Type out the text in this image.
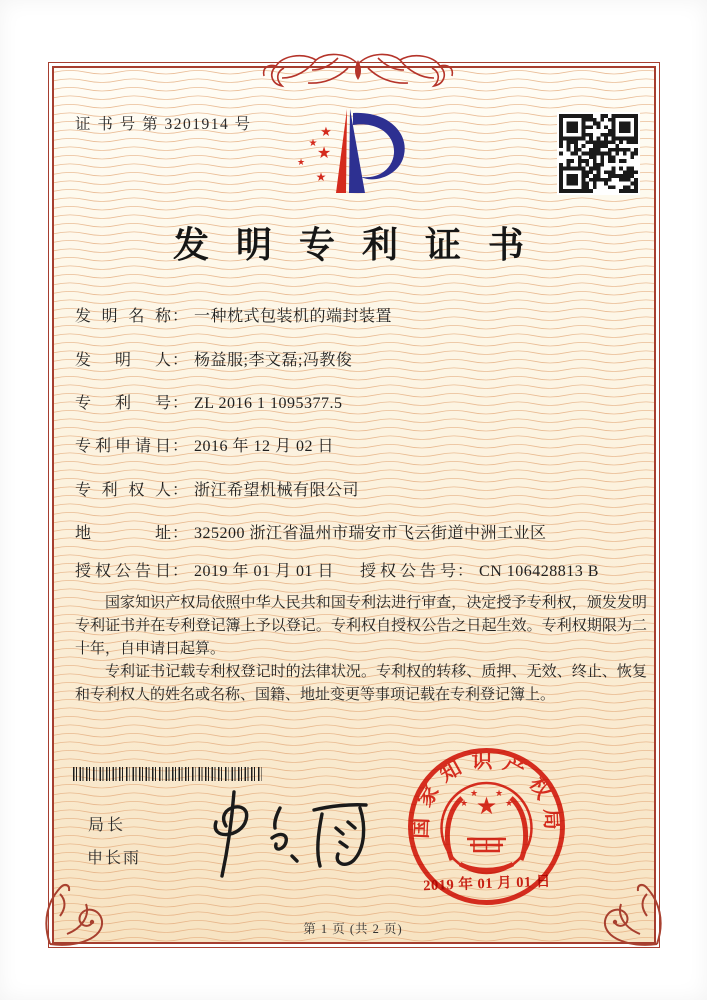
证 书 号 第 3201914 号	★
★
★ ★
★
发 明 专 利 证 书
发明名称： 一种枕式包装机的端封装置
发明人： 杨益服;李文磊;冯教俊
专利号： ZL 2016 1 1095377.5
专利申请日： 2016 年 12 月 02 日
专利权人： 浙江希望机械有限公司
地址： 325200 浙江省温州市瑞安市飞云街道中洲工业区
授权公告日： 2019 年 01 月 01 日 授权公告号： CN 106428813 B

国家知识产权局依照中华人民共和国专利法进行审查，决定授予专利权，颁发发明专利证书并在专利登记簿上予以登记。专利权自授权公告之日起生效。专利权期限为二十年，自申请日起算。

专利证书记载专利权登记时的法律状况。专利权的转移、质押、无效、终止、恢复和专利权人的姓名或名称、国籍、地址变更等事项记载在专利登记簿上。

局长
申长雨
国家知识产权局
★
★
★ ★
★
2019 年 01 月 01 日
第 1 页 (共 2 页)
